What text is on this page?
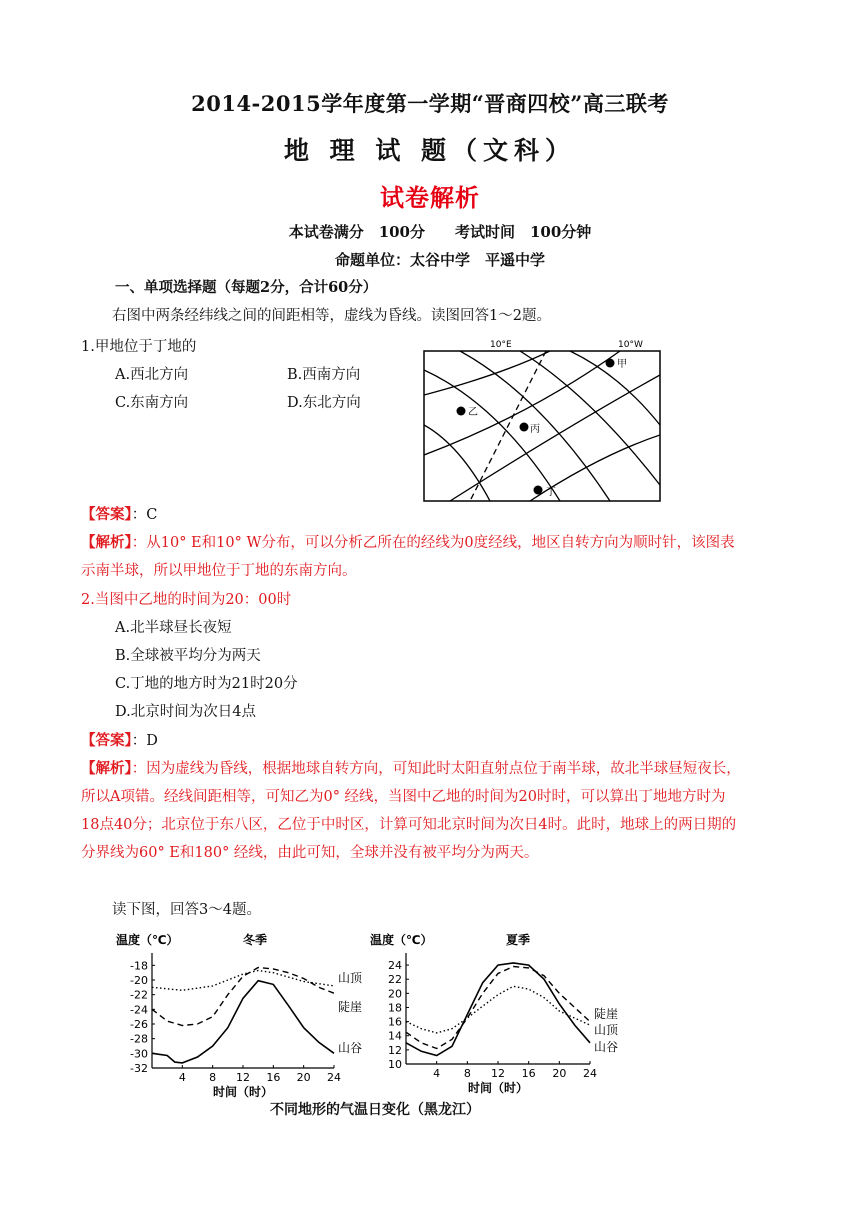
2014-2015学年度第一学期“晋商四校”高三联考
地 理 试 题（文科）
试卷解析
本试卷满分　100分　　考试时间　100分钟
命题单位：太谷中学　平遥中学
一、单项选择题（每题2分，合计60分）
右图中两条经纬线之间的间距相等，虚线为昏线。读图回答1～2题。
1.甲地位于丁地的
A.西北方向	B.西南方向
C.东南方向	D.东北方向
10°E	10°W
甲
乙
丙
丁
【答案】：C
【解析】：从10° E和10° W分布，可以分析乙所在的经线为0度经线，地区自转方向为顺时针，该图表
示南半球，所以甲地位于丁地的东南方向。
2.当图中乙地的时间为20：00时
A.北半球昼长夜短
B.全球被平均分为两天
C.丁地的地方时为21时20分
D.北京时间为次日4点
【答案】：D
【解析】：因为虚线为昏线，根据地球自转方向，可知此时太阳直射点位于南半球，故北半球昼短夜长，
所以A项错。经线间距相等，可知乙为0° 经线，当图中乙地的时间为20时时，可以算出丁地地方时为
18点40分；北京位于东八区，乙位于中时区，计算可知北京时间为次日4时。此时，地球上的两日期的
分界线为60° E和180° 经线，由此可知，全球并没有被平均分为两天。
读下图，回答3～4题。
温度（℃）	冬季
-18
-20
-22
-24
-26
-28
-30
-32
4 8 12 16 20 24
时间（时）
山顶
陡崖
山谷
温度（℃）	夏季
10
12
14
16
18
20
22
24
4 8 12 16 20 24
时间（时）
陡崖
山顶
山谷
不同地形的气温日变化（黑龙江）
